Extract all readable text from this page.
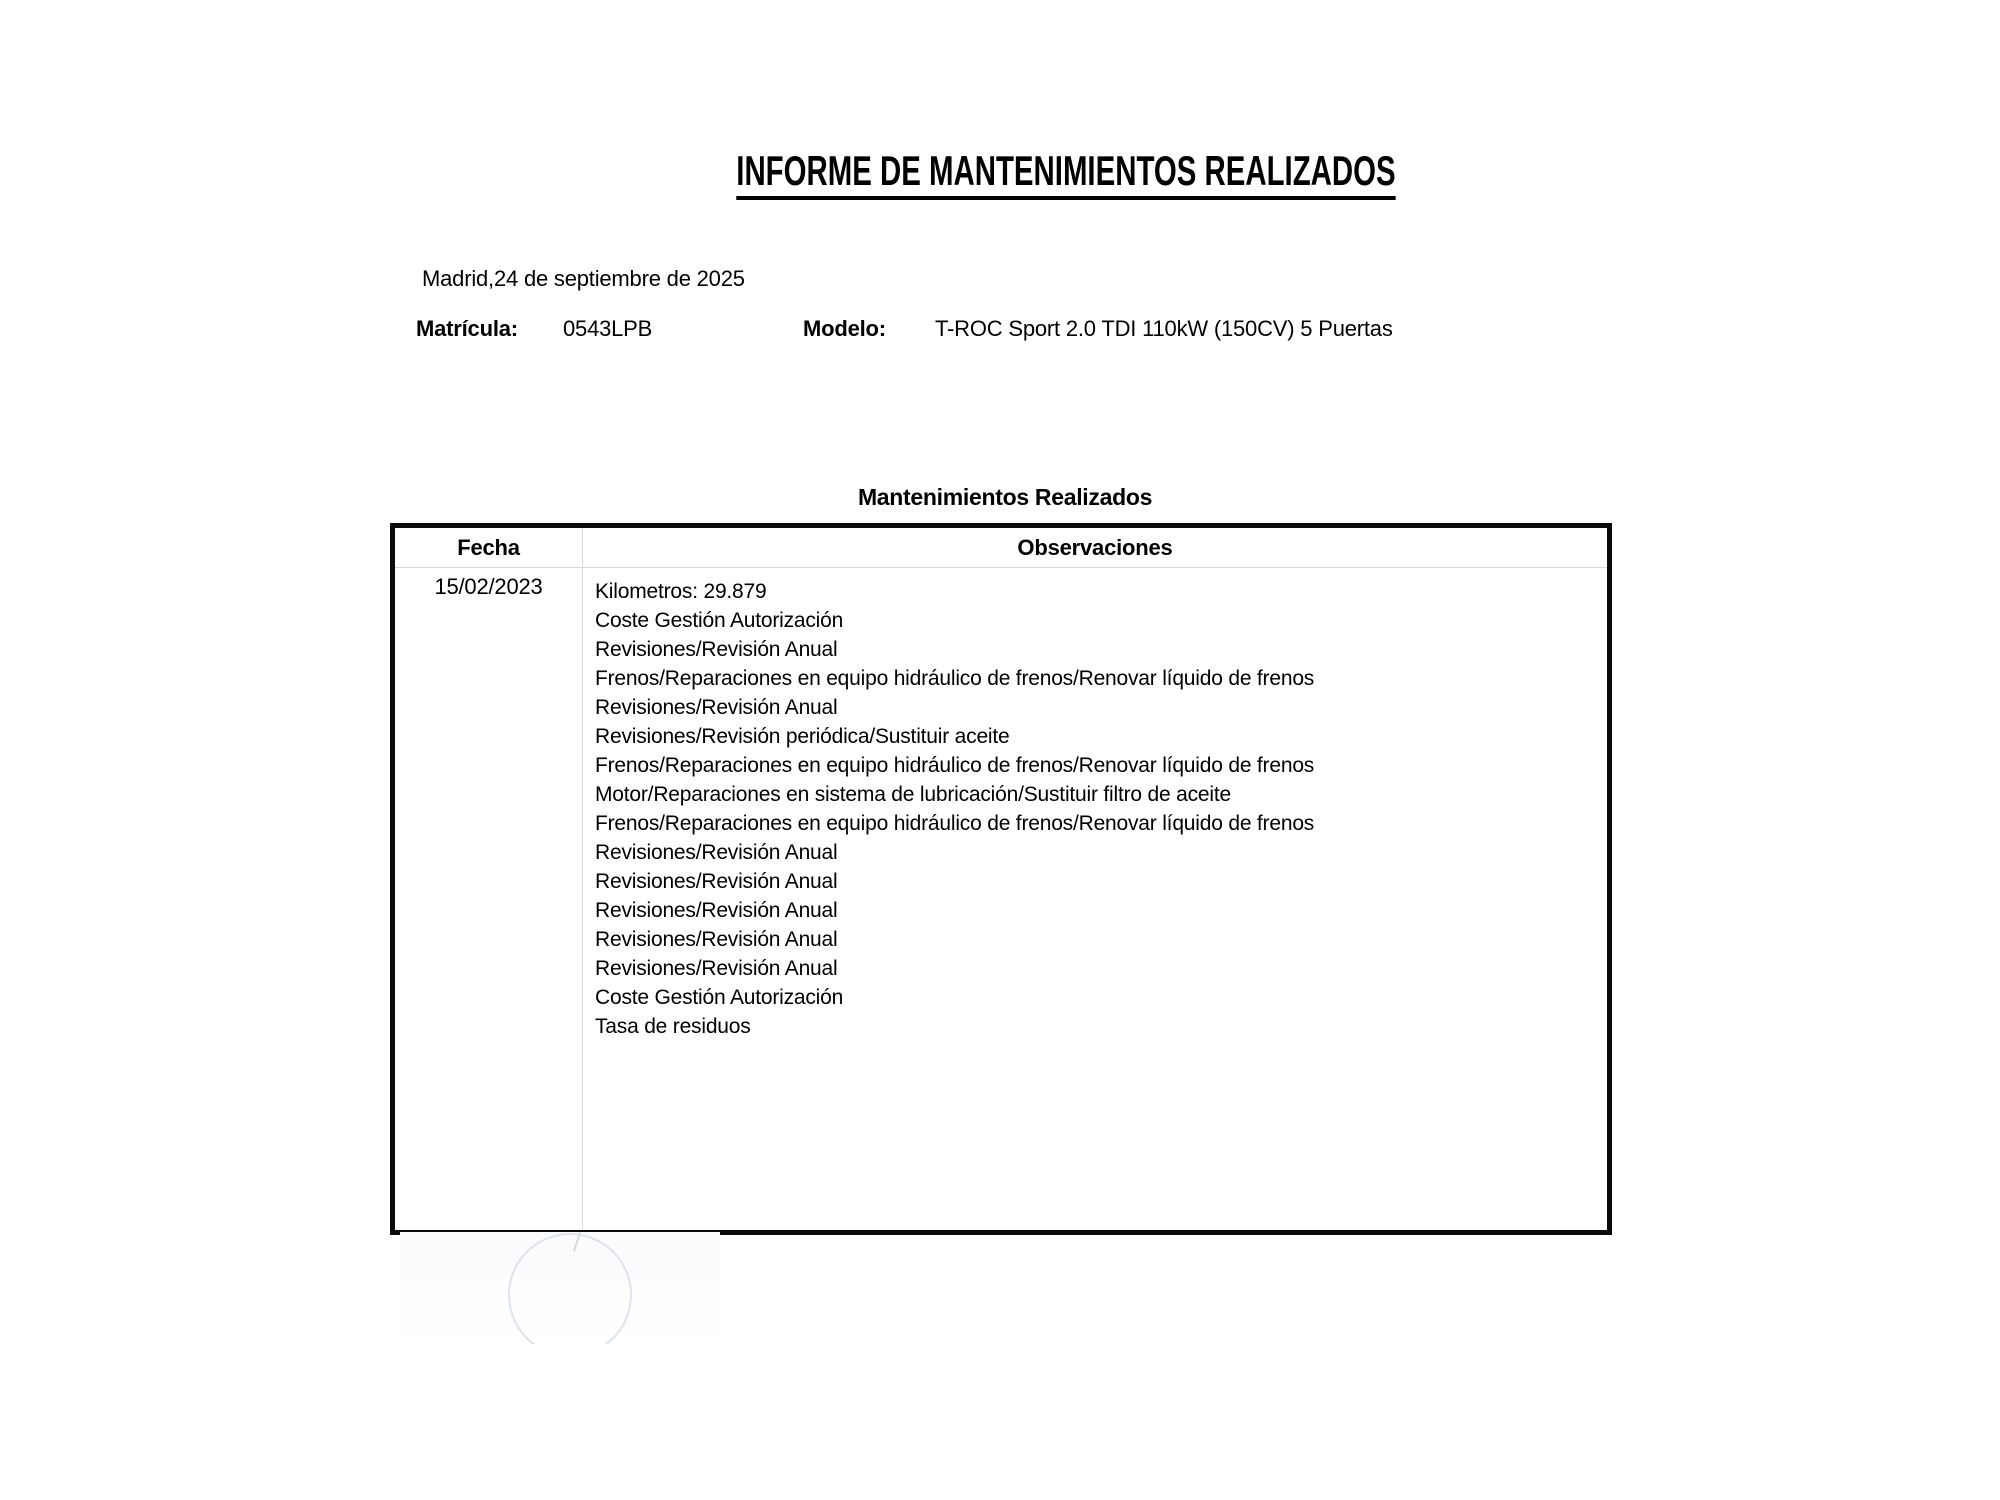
INFORME DE MANTENIMIENTOS REALIZADOS
Madrid,24 de septiembre de 2025
Matrícula: 0543LPB	Modelo: T-ROC Sport 2.0 TDI 110kW (150CV) 5 Puertas
Mantenimientos Realizados
Fecha	Observaciones
15/02/2023	Kilometros: 29.879
Coste Gestión Autorización
Revisiones/Revisión Anual
Frenos/Reparaciones en equipo hidráulico de frenos/Renovar líquido de frenos
Revisiones/Revisión Anual
Revisiones/Revisión periódica/Sustituir aceite
Frenos/Reparaciones en equipo hidráulico de frenos/Renovar líquido de frenos
Motor/Reparaciones en sistema de lubricación/Sustituir filtro de aceite
Frenos/Reparaciones en equipo hidráulico de frenos/Renovar líquido de frenos
Revisiones/Revisión Anual
Revisiones/Revisión Anual
Revisiones/Revisión Anual
Revisiones/Revisión Anual
Revisiones/Revisión Anual
Coste Gestión Autorización
Tasa de residuos
